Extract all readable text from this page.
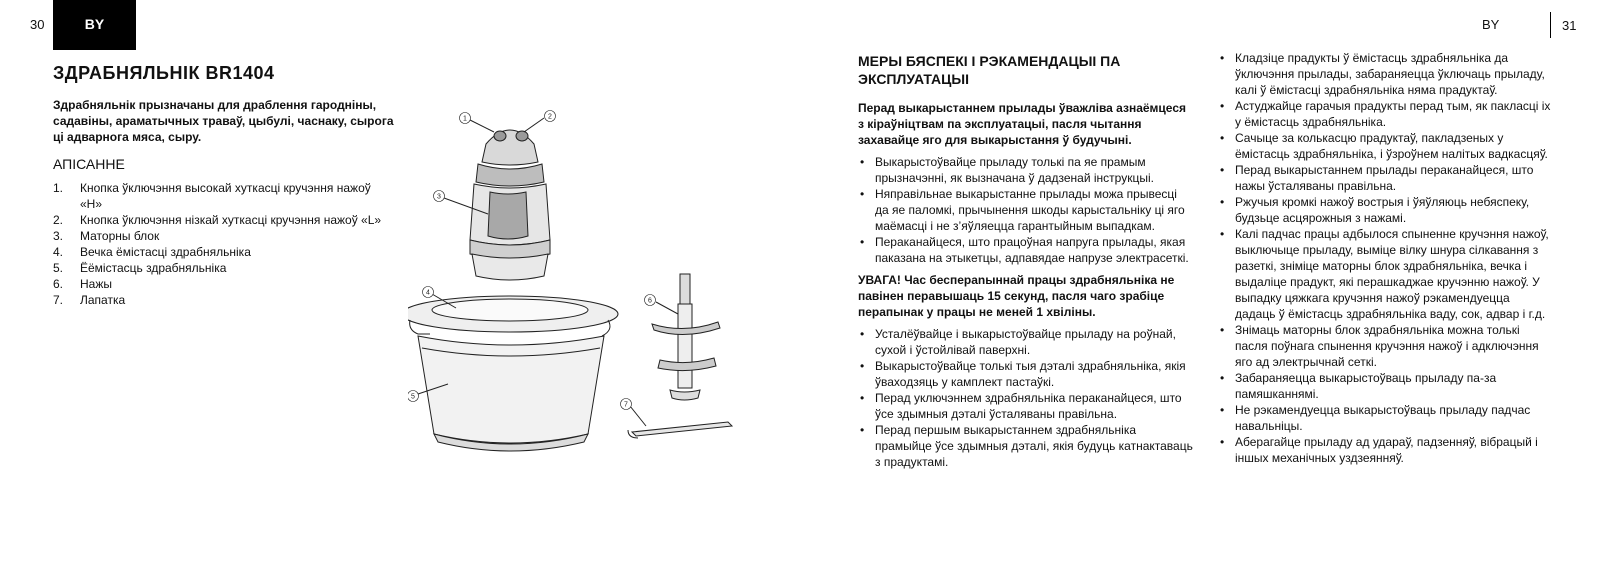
30	BY	BY	31
ЗДРАБНЯЛЬНІК BR1404
Здрабняльнік прызначаны для драблення гароднiны, садавiны, араматычных траваў, цыбулi, часнaку, сырога цi адварнога мяса, сыру.
АПІСАННЕ
1.	Кнопка ўключэння высокай хуткасці кручэння нажоў «H»
2.	Кнопка ўключэння нізкай хуткасці кручэння нажоў «L»
3.	Маторны блок
4.	Вечка ёмістасці здрабняльніка
5.	Ёёмістасць здрабняльніка
6.	Нажы
7.	Лапатка
1	2
3
4
5
6
7
МЕРЫ БЯСПЕКІ І РЭКАМЕНДАЦЫІ ПА ЭКСПЛУАТАЦЫІ

Перад выкарыстаннем прылады ўважліва азнаёмцеся з кіраўніцтвам па эксплуатацыі, пасля чытання захавайце яго для выкарыстання ў будучыні.

• Выкарыстоўвайце прыладу толькі па яе прамым прызначэнні, як вызначана ў дадзенай інструкцыі.
• Няправільнае выкарыстанне прылады можа прывесці да яе паломкі, прычынення шкоды карыстальніку ці яго маёмасці і не з’яўляецца гарантыйным выпадкам.
• Пераканайцеся, што працоўная напруга прылады, якая паказана на этыкетцы, адпавядае напрузе электрасеткі.

УВАГА! Час беспераnыннай працы здрабняльніка не павінен перавышаць 15 секунд, пасля чаго зрабіце перапынак у працы не меней 1 хвіліны.

• Усталёўвайце і выкарыстоўвайце прыладу на роўнай, сухой і ўстойлівай паверхні.
• Выкарыстоўвайце толькі тыя дэталі здрабняльніка, якія ўваходзяць у камплект пастаўкі.
• Перад уключэннем здрабняльніка пераканайцеся, што ўсе здымныя дэталі ўсталяваны правільна.
• Перад першым выкарыстаннем здрабняльніка прамыйце ўсе здымныя дэталі, якія будуць катнактаваць з прадуктамі.
• Кладзіце прадукты ў ёмістасць здрабняльніка да ўключэння прылады, забараняецца ўключаць прыладу, калі ў ёмістасці здрабняльніка няма прадуктаў.
• Астуджайце гарачыя прадукты перад тым, як пакласці іх у ёмістасць здрабняльніка.
• Сачыце за колькасцю прадуктаў, пакладзеных у ёмістасць здрабняльніка, і ўзроўнем налітых вадкасцяў.
• Перад выкарыстаннем прылады пераканайцеся, што нажы ўсталяваны правільна.
• Ржучыя кромкі нажоў вострыя і ўяўляюць небяспеку, будзьце асцярожныя з нажамі.
• Калі падчас працы адбылося спыненне кручэння нажоў, выключыце прыладу, выміце вілку шнура сілкавання з разеткі, зніміце маторны блок здрабняльніка, вечка і выдаліце прадукт, які перашкаджае кручэнню нажоў. У выпадку цяжкага кручэння нажоў рэкамендуецца дадаць ў ёмістасць здрабняльніка ваду, сок, адвар і г.д.
• Знімаць маторны блок здрабняльніка можна толькі пасля поўнага спынення кручэння нажоў і адключэння яго ад электрычнай сеткі.
• Забараняецца выкарыстоўваць прыладу па-за памяшканнямі.
• Не рэкамендуецца выкарыстоўваць прыладу падчас навальніцы.
• Аберагайце прыладу ад удараў, падзенняў, вібрацый і іншых механічных уздзеянняў.
